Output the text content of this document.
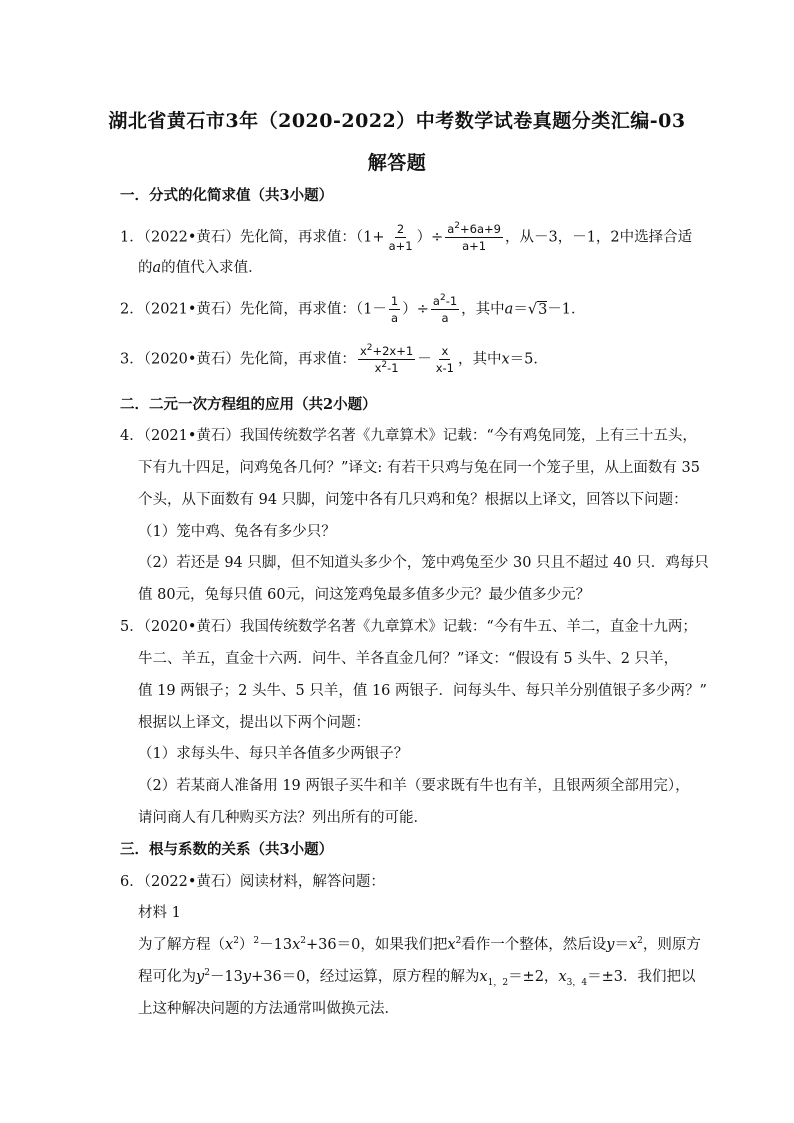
湖北省黄石市3年（2020-2022）中考数学试卷真题分类汇编-03
解答题
一．分式的化简求值（共3小题）
1．（2022•黄石）先化简，再求值：（$1+ \frac{2}{a+1}$ ）÷ $\frac{a^2+6a+9}{a+1}$ ，从－3，－1，2中选择合适
的a的值代入求值．
2．（2021•黄石）先化简，再求值：（$1- \frac{1}{a}$ ）÷ $\frac{a^2-1}{a}$ ，其中a＝√3－1．
3．（2020•黄石）先化简，再求值： $\frac{x^2+2x+1}{x^2-1} - \frac{x}{x-1}$ ，其中x＝5．
二．二元一次方程组的应用（共2小题）
4．（2021•黄石）我国传统数学名著《九章算术》记载：“今有鸡兔同笼，上有三十五头，
下有九十四足，问鸡兔各几何？”译文: 有若干只鸡与兔在同一个笼子里，从上面数有 35
个头，从下面数有 94 只脚，问笼中各有几只鸡和兔？根据以上译文，回答以下问题：
（1）笼中鸡、兔各有多少只？
（2）若还是 94 只脚，但不知道头多少个，笼中鸡兔至少 30 只且不超过 40 只．鸡每只
值 80元，兔每只值 60元，问这笼鸡兔最多值多少元？最少值多少元？
5．（2020•黄石）我国传统数学名著《九章算术》记载：“今有牛五、羊二，直金十九两；
牛二、羊五，直金十六两．问牛、羊各直金几何？”译文：“假设有 5 头牛、2 只羊，
值 19 两银子；2 头牛、5 只羊，值 16 两银子．问每头牛、每只羊分别值银子多少两？”
根据以上译文，提出以下两个问题：
（1）求每头牛、每只羊各值多少两银子？
（2）若某商人准备用 19 两银子买牛和羊（要求既有牛也有羊，且银两须全部用完），
请问商人有几种购买方法？列出所有的可能．
三．根与系数的关系（共3小题）
6．（2022•黄石）阅读材料，解答问题：
材料 1
为了解方程$(x^2)^2-13x^2+36=0$，如果我们把$x^2$看作一个整体，然后设$y=x^2$，则原方
程可化为$y^2-13y+36=0$，经过运算，原方程的解为$x_{1,2}=\pm 2$，$x_{3,4}=\pm 3$．我们把以
上这种解决问题的方法通常叫做换元法．
